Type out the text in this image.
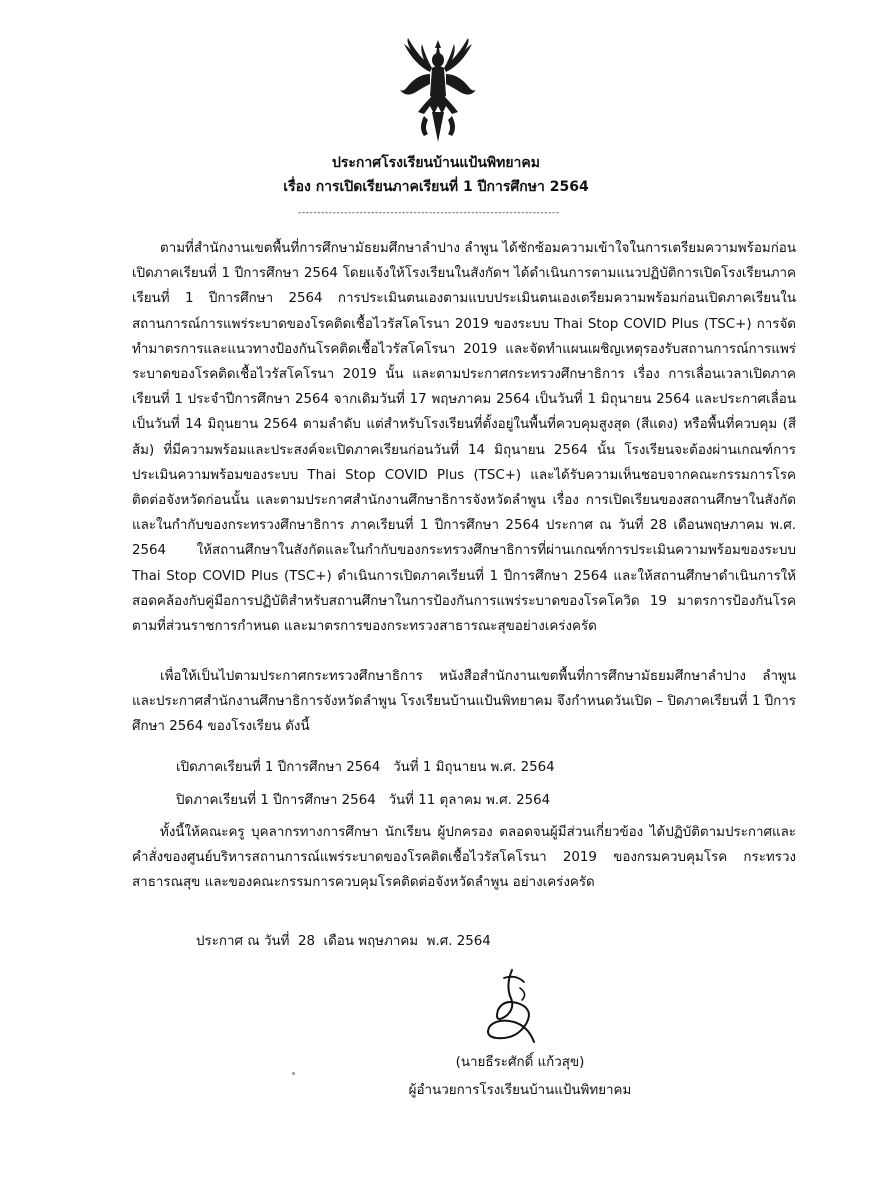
ประกาศโรงเรียนบ้านแป้นพิทยาคม
เรื่อง การเปิดเรียนภาคเรียนที่ 1 ปีการศึกษา 2564
--------------------------------------------------------------------
ตามที่สำนักงานเขตพื้นที่การศึกษามัธยมศึกษาลำปาง ลำพูน ได้ชักซ้อมความเข้าใจในการเตรียมความพร้อมก่อนเปิดภาคเรียนที่ 1 ปีการศึกษา 2564 โดยแจ้งให้โรงเรียนในสังกัดฯ ได้ดำเนินการตามแนวปฏิบัติการเปิดโรงเรียนภาคเรียนที่ 1 ปีการศึกษา 2564 การประเมินตนเองตามแบบประเมินตนเองเตรียมความพร้อมก่อนเปิดภาคเรียนในสถานการณ์การแพร่ระบาดของโรคติดเชื้อไวรัสโคโรนา 2019 ของระบบ Thai Stop COVID Plus (TSC+) การจัดทำมาตรการและแนวทางป้องกันโรคติดเชื้อไวรัสโคโรนา 2019 และจัดทำแผนเผชิญเหตุรองรับสถานการณ์การแพร่ระบาดของโรคติดเชื้อไวรัสโคโรนา 2019 นั้น และตามประกาศกระทรวงศึกษาธิการ เรื่อง การเลื่อนเวลาเปิดภาคเรียนที่ 1 ประจำปีการศึกษา 2564 จากเดิมวันที่ 17 พฤษภาคม 2564 เป็นวันที่ 1 มิถุนายน 2564 และประกาศเลื่อนเป็นวันที่ 14 มิถุนยาน 2564 ตามลำดับ แต่สำหรับโรงเรียนที่ตั้งอยู่ในพื้นที่ควบคุมสูงสุด (สีแดง) หรือพื้นที่ควบคุม (สีส้ม) ที่มีความพร้อมและประสงค์จะเปิดภาคเรียนก่อนวันที่ 14 มิถุนายน 2564 นั้น โรงเรียนจะต้องผ่านเกณฑ์การประเมินความพร้อมของระบบ Thai Stop COVID Plus (TSC+) และได้รับความเห็นชอบจากคณะกรรมการโรคติดต่อจังหวัดก่อนนั้น และตามประกาศสำนักงานศึกษาธิการจังหวัดลำพูน เรื่อง การเปิดเรียนของสถานศึกษาในสังกัดและในกำกับของกระทรวงศึกษาธิการ ภาคเรียนที่ 1 ปีการศึกษา 2564 ประกาศ ณ วันที่ 28 เดือนพฤษภาคม พ.ศ. 2564 ให้สถานศึกษาในสังกัดและในกำกับของกระทรวงศึกษาธิการที่ผ่านเกณฑ์การประเมินความพร้อมของระบบ Thai Stop COVID Plus (TSC+) ดำเนินการเปิดภาคเรียนที่ 1 ปีการศึกษา 2564 และให้สถานศึกษาดำเนินการให้สอดคล้องกับคู่มือการปฏิบัติสำหรับสถานศึกษาในการป้องกันการแพร่ระบาดของโรคโควิด 19 มาตรการป้องกันโรคตามที่ส่วนราชการกำหนด และมาตรการของกระทรวงสาธารณะสุขอย่างเคร่งครัด
เพื่อให้เป็นไปตามประกาศกระทรวงศึกษาธิการ หนังสือสำนักงานเขตพื้นที่การศึกษามัธยมศึกษาลำปาง ลำพูน และประกาศสำนักงานศึกษาธิการจังหวัดลำพูน โรงเรียนบ้านแป้นพิทยาคม จึงกำหนดวันเปิด – ปิดภาคเรียนที่ 1 ปีการศึกษา 2564 ของโรงเรียน ดังนี้
เปิดภาคเรียนที่ 1 ปีการศึกษา 2564   วันที่ 1 มิถุนายน พ.ศ. 2564
ปิดภาคเรียนที่ 1 ปีการศึกษา 2564   วันที่ 11 ตุลาคม พ.ศ. 2564
ทั้งนี้ให้คณะครู บุคลากรทางการศึกษา นักเรียน ผู้ปกครอง ตลอดจนผู้มีส่วนเกี่ยวข้อง ได้ปฏิบัติตามประกาศและคำสั่งของศูนย์บริหารสถานการณ์แพร่ระบาดของโรคติดเชื้อไวรัสโคโรนา 2019 ของกรมควบคุมโรค กระทรวงสาธารณสุข และของคณะกรรมการควบคุมโรคติดต่อจังหวัดลำพูน อย่างเคร่งครัด
ประกาศ ณ วันที่  28  เดือน พฤษภาคม  พ.ศ. 2564
(นายธีระศักดิ์ แก้วสุข)
ผู้อำนวยการโรงเรียนบ้านแป้นพิทยาคม
